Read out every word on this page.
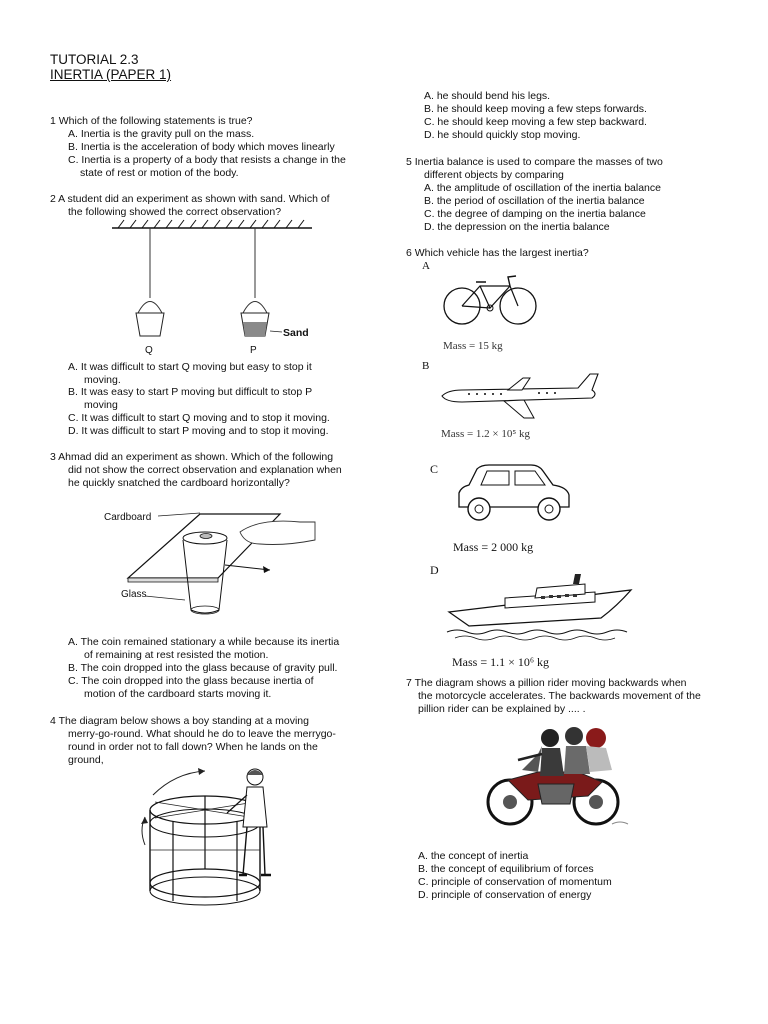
TUTORIAL 2.3
INERTIA (PAPER 1)
1 Which of the following statements is true?
A. Inertia is the gravity pull on the mass.
B. Inertia is the acceleration of body which moves linearly
C. Inertia is a property of a body that resists a change in the
state of rest or motion of the body.
2 A student did an experiment as shown with sand. Which of
the following showed the correct observation?
Sand
Q	P
A. It was difficult to start Q moving but easy to stop it
moving.
B. It was easy to start P moving but difficult to stop P
moving
C. It was difficult to start Q moving and to stop it moving.
D. It was difficult to start P moving and to stop it moving.
3 Ahmad did an experiment as shown. Which of the following
did not show the correct observation and explanation when
he quickly snatched the cardboard horizontally?
Cardboard
Glass
A. The coin remained stationary a while because its inertia
of remaining at rest resisted the motion.
B. The coin dropped into the glass because of gravity pull.
C. The coin dropped into the glass because inertia of
motion of the cardboard starts moving it.
4 The diagram below shows a boy standing at a moving
merry-go-round. What should he do to leave the merrygo-
round in order not to fall down? When he lands on the
ground,
A. he should bend his legs.
B. he should keep moving a few steps forwards.
C. he should keep moving a few step backward.
D. he should quickly stop moving.
5 Inertia balance is used to compare the masses of two
different objects by comparing
A. the amplitude of oscillation of the inertia balance
B. the period of oscillation of the inertia balance
C. the degree of damping on the inertia balance
D. the depression on the inertia balance
6 Which vehicle has the largest inertia?
A
Mass = 15 kg
B
Mass = 1.2 × 10⁵ kg
C
Mass = 2 000 kg
D
Mass = 1.1 × 10⁶ kg
7 The diagram shows a pillion rider moving backwards when
the motorcycle accelerates. The backwards movement of the
pillion rider can be explained by .... .
A. the concept of inertia
B. the concept of equilibrium of forces
C. principle of conservation of momentum
D. principle of conservation of energy
